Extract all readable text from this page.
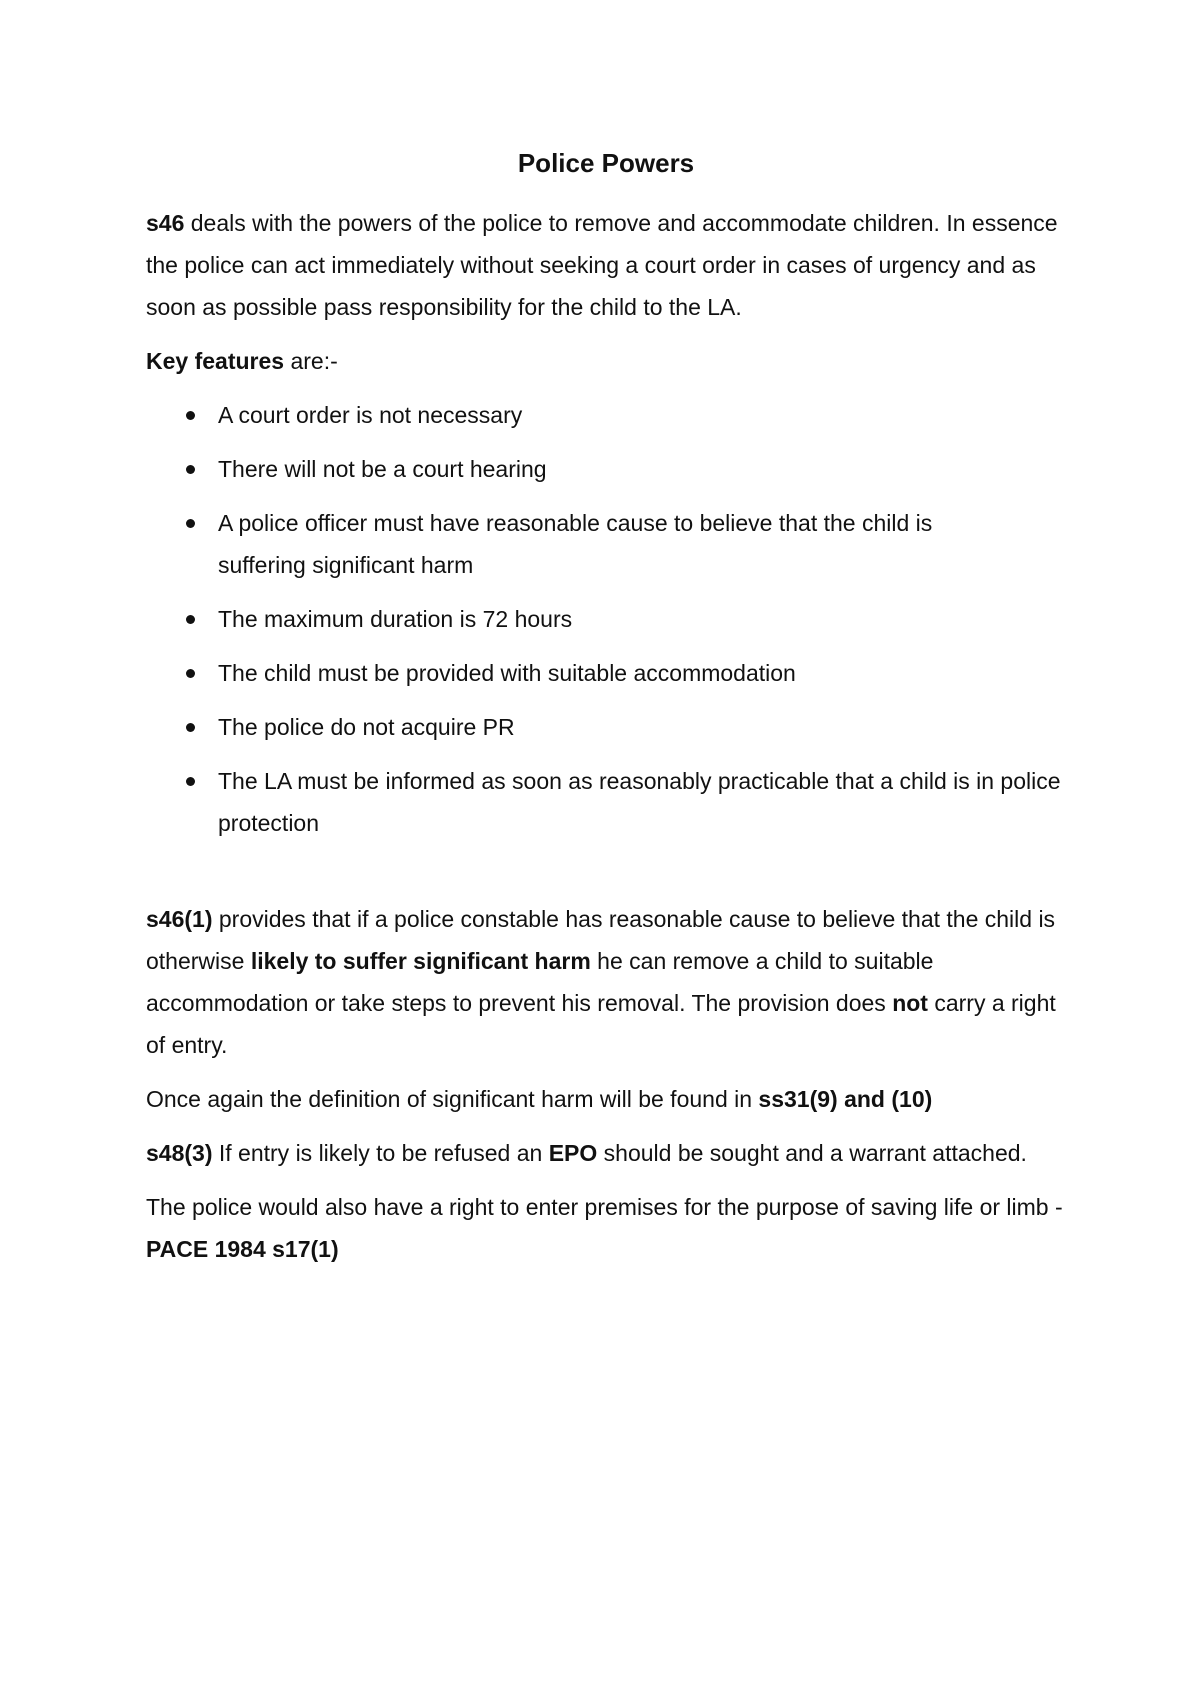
Police Powers

s46 deals with the powers of the police to remove and accommodate children. In essence the police can act immediately without seeking a court order in cases of urgency and as soon as possible pass responsibility for the child to the LA.

Key features are:-

A court order is not necessary
There will not be a court hearing
A police officer must have reasonable cause to believe that the child is suffering significant harm
The maximum duration is 72 hours
The child must be provided with suitable accommodation
The police do not acquire PR
The LA must be informed as soon as reasonably practicable that a child is in police protection

s46(1) provides that if a police constable has reasonable cause to believe that the child is otherwise likely to suffer significant harm he can remove a child to suitable accommodation or take steps to prevent his removal. The provision does not carry a right of entry.

Once again the definition of significant harm will be found in ss31(9) and (10)

s48(3) If entry is likely to be refused an EPO should be sought and a warrant attached.

The police would also have a right to enter premises for the purpose of saving life or limb - PACE 1984 s17(1)
